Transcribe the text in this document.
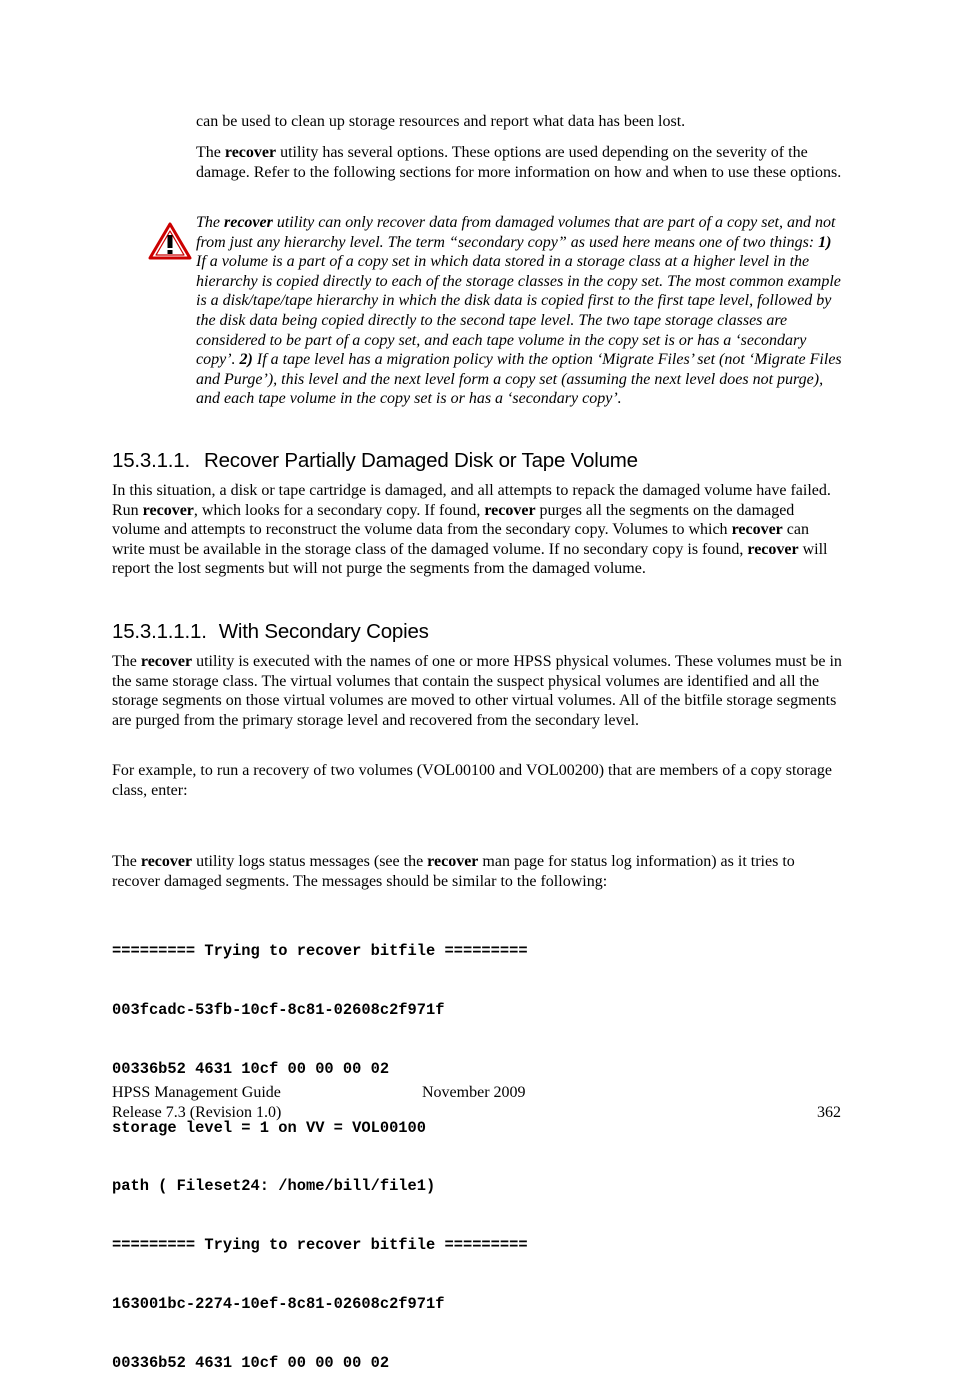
can be used to clean up storage resources and report what data has been lost.

The recover utility has several options. These options are used depending on the severity of the damage. Refer to the following sections for more information on how and when to use these options.

The recover utility can only recover data from damaged volumes that are part of a copy set, and not from just any hierarchy level. The term “secondary copy” as used here means one of two things: 1) If a volume is a part of a copy set in which data stored in a storage class at a higher level in the hierarchy is copied directly to each of the storage classes in the copy set. The most common example is a disk/tape/tape hierarchy in which the disk data is copied first to the first tape level, followed by the disk data being copied directly to the second tape level. The two tape storage classes are considered to be part of a copy set, and each tape volume in the copy set is or has a ‘secondary copy’. 2) If a tape level has a migration policy with the option ‘Migrate Files’ set (not ‘Migrate Files and Purge’), this level and the next level form a copy set (assuming the next level does not purge), and each tape volume in the copy set is or has a ‘secondary copy’.

15.3.1.1. Recover Partially Damaged Disk or Tape Volume

In this situation, a disk or tape cartridge is damaged, and all attempts to repack the damaged volume have failed. Run recover, which looks for a secondary copy. If found, recover purges all the segments on the damaged volume and attempts to reconstruct the volume data from the secondary copy. Volumes to which recover can write must be available in the storage class of the damaged volume. If no secondary copy is found, recover will report the lost segments but will not purge the segments from the damaged volume.

15.3.1.1.1. With Secondary Copies

The recover utility is executed with the names of one or more HPSS physical volumes. These volumes must be in the same storage class. The virtual volumes that contain the suspect physical volumes are identified and all the storage segments on those virtual volumes are moved to other virtual volumes. All of the bitfile storage segments are purged from the primary storage level and recovered from the secondary level.

For example, to run a recovery of two volumes (VOL00100 and VOL00200) that are members of a copy storage class, enter:

The recover utility logs status messages (see the recover man page for status log information) as it tries to recover damaged segments. The messages should be similar to the following:

========= Trying to recover bitfile =========

003fcadc-53fb-10cf-8c81-02608c2f971f

00336b52 4631 10cf 00 00 00 02

storage level = 1 on VV = VOL00100

path ( Fileset24: /home/bill/file1)

========= Trying to recover bitfile =========

163001bc-2274-10ef-8c81-02608c2f971f

00336b52 4631 10cf 00 00 00 02

HPSS Management Guide	November 2009
Release 7.3 (Revision 1.0)	362
